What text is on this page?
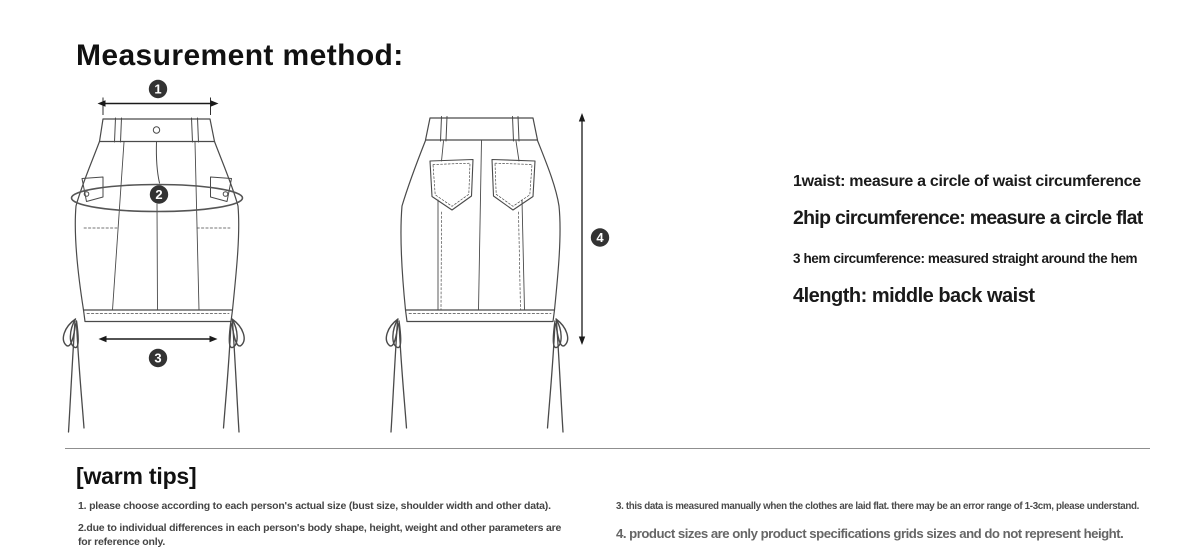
Measurement method:
1
2
3
4
1waist: measure a circle of waist circumference
2hip circumference: measure a circle flat
3 hem circumference: measured straight around the hem
4length: middle back waist
[warm tips]

1. please choose according to each person's actual size (bust size, shoulder width and other data).

2.due to individual differences in each person's body shape, height, weight and other parameters are for reference only.

3. this data is measured manually when the clothes are laid flat. there may be an error range of 1-3cm, please understand.

4. product sizes are only product specifications grids sizes and do not represent height.
